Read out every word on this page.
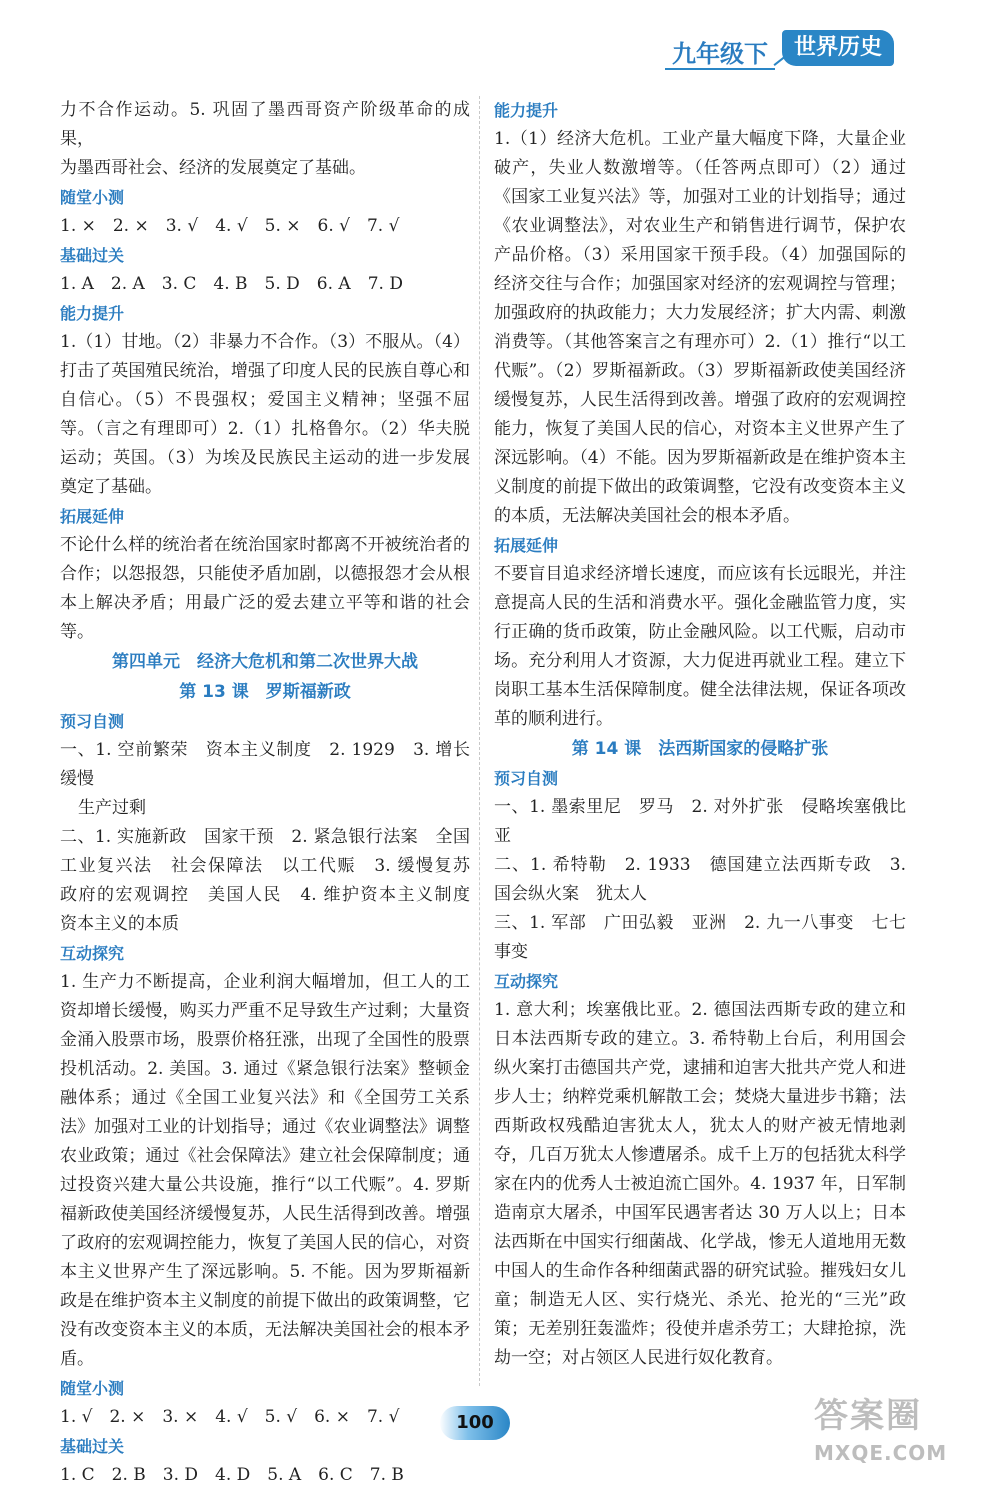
九年级下	世界历史

力不合作运动。5. 巩固了墨西哥资产阶级革命的成果，

为墨西哥社会、经济的发展奠定了基础。

随堂小测

1. ×　2. ×　3. √　4. √　5. ×　6. √　7. √

基础过关

1. A　2. A　3. C　4. B　5. D　6. A　7. D

能力提升

1.（1）甘地。（2）非暴力不合作。（3）不服从。（4）打击了英国殖民统治，增强了印度人民的民族自尊心和自信心。（5）不畏强权；爱国主义精神；坚强不屈等。（言之有理即可）2.（1）扎格鲁尔。（2）华夫脱运动；英国。（3）为埃及民族民主运动的进一步发展奠定了基础。

拓展延伸

不论什么样的统治者在统治国家时都离不开被统治者的合作；以怨报怨，只能使矛盾加剧，以德报怨才会从根本上解决矛盾；用最广泛的爱去建立平等和谐的社会等。

第四单元　经济大危机和第二次世界大战
第 13 课　罗斯福新政
预习自测

一、1. 空前繁荣　资本主义制度　2. 1929　3. 增长缓慢

生产过剩

二、1. 实施新政　国家干预　2. 紧急银行法案　全国工业复兴法　社会保障法　以工代赈　3. 缓慢复苏　政府的宏观调控　美国人民　4. 维护资本主义制度　资本主义的本质

互动探究

1. 生产力不断提高，企业利润大幅增加，但工人的工资却增长缓慢，购买力严重不足导致生产过剩；大量资金涌入股票市场，股票价格狂涨，出现了全国性的股票投机活动。2. 美国。3. 通过《紧急银行法案》整顿金融体系；通过《全国工业复兴法》和《全国劳工关系法》加强对工业的计划指导；通过《农业调整法》调整农业政策；通过《社会保障法》建立社会保障制度；通过投资兴建大量公共设施，推行“以工代赈”。4. 罗斯福新政使美国经济缓慢复苏，人民生活得到改善。增强了政府的宏观调控能力，恢复了美国人民的信心，对资本主义世界产生了深远影响。5. 不能。因为罗斯福新政是在维护资本主义制度的前提下做出的政策调整，它没有改变资本主义的本质，无法解决美国社会的根本矛盾。

随堂小测

1. √　2. ×　3. ×　4. √　5. √　6. ×　7. √

基础过关

1. C　2. B　3. D　4. D　5. A　6. C　7. B

能力提升

1.（1）经济大危机。工业产量大幅度下降，大量企业破产，失业人数激增等。（任答两点即可）（2）通过《国家工业复兴法》等，加强对工业的计划指导；通过《农业调整法》，对农业生产和销售进行调节，保护农产品价格。（3）采用国家干预手段。（4）加强国际的经济交往与合作；加强国家对经济的宏观调控与管理；加强政府的执政能力；大力发展经济；扩大内需、刺激消费等。（其他答案言之有理亦可）2.（1）推行“以工代赈”。（2）罗斯福新政。（3）罗斯福新政使美国经济缓慢复苏，人民生活得到改善。增强了政府的宏观调控能力，恢复了美国人民的信心，对资本主义世界产生了深远影响。（4）不能。因为罗斯福新政是在维护资本主义制度的前提下做出的政策调整，它没有改变资本主义的本质，无法解决美国社会的根本矛盾。

拓展延伸

不要盲目追求经济增长速度，而应该有长远眼光，并注意提高人民的生活和消费水平。强化金融监管力度，实行正确的货币政策，防止金融风险。以工代赈，启动市场。充分利用人才资源，大力促进再就业工程。建立下岗职工基本生活保障制度。健全法律法规，保证各项改革的顺利进行。

第 14 课　法西斯国家的侵略扩张
预习自测

一、1. 墨索里尼　罗马　2. 对外扩张　侵略埃塞俄比亚

二、1. 希特勒　2. 1933　德国建立法西斯专政　3. 国会纵火案　犹太人

三、1. 军部　广田弘毅　亚洲　2. 九一八事变　七七事变

互动探究

1. 意大利；埃塞俄比亚。2. 德国法西斯专政的建立和日本法西斯专政的建立。3. 希特勒上台后，利用国会纵火案打击德国共产党，逮捕和迫害大批共产党人和进步人士；纳粹党乘机解散工会；焚烧大量进步书籍；法西斯政权残酷迫害犹太人，犹太人的财产被无情地剥夺，几百万犹太人惨遭屠杀。成千上万的包括犹太科学家在内的优秀人士被迫流亡国外。4. 1937 年，日军制造南京大屠杀，中国军民遇害者达 30 万人以上；日本法西斯在中国实行细菌战、化学战，惨无人道地用无数中国人的生命作各种细菌武器的研究试验。摧残妇女儿童；制造无人区、实行烧光、杀光、抢光的“三光”政策；无差别狂轰滥炸；役使并虐杀劳工；大肆抢掠，洗劫一空；对占领区人民进行奴化教育。

100	答案圈
MXQE.COM
